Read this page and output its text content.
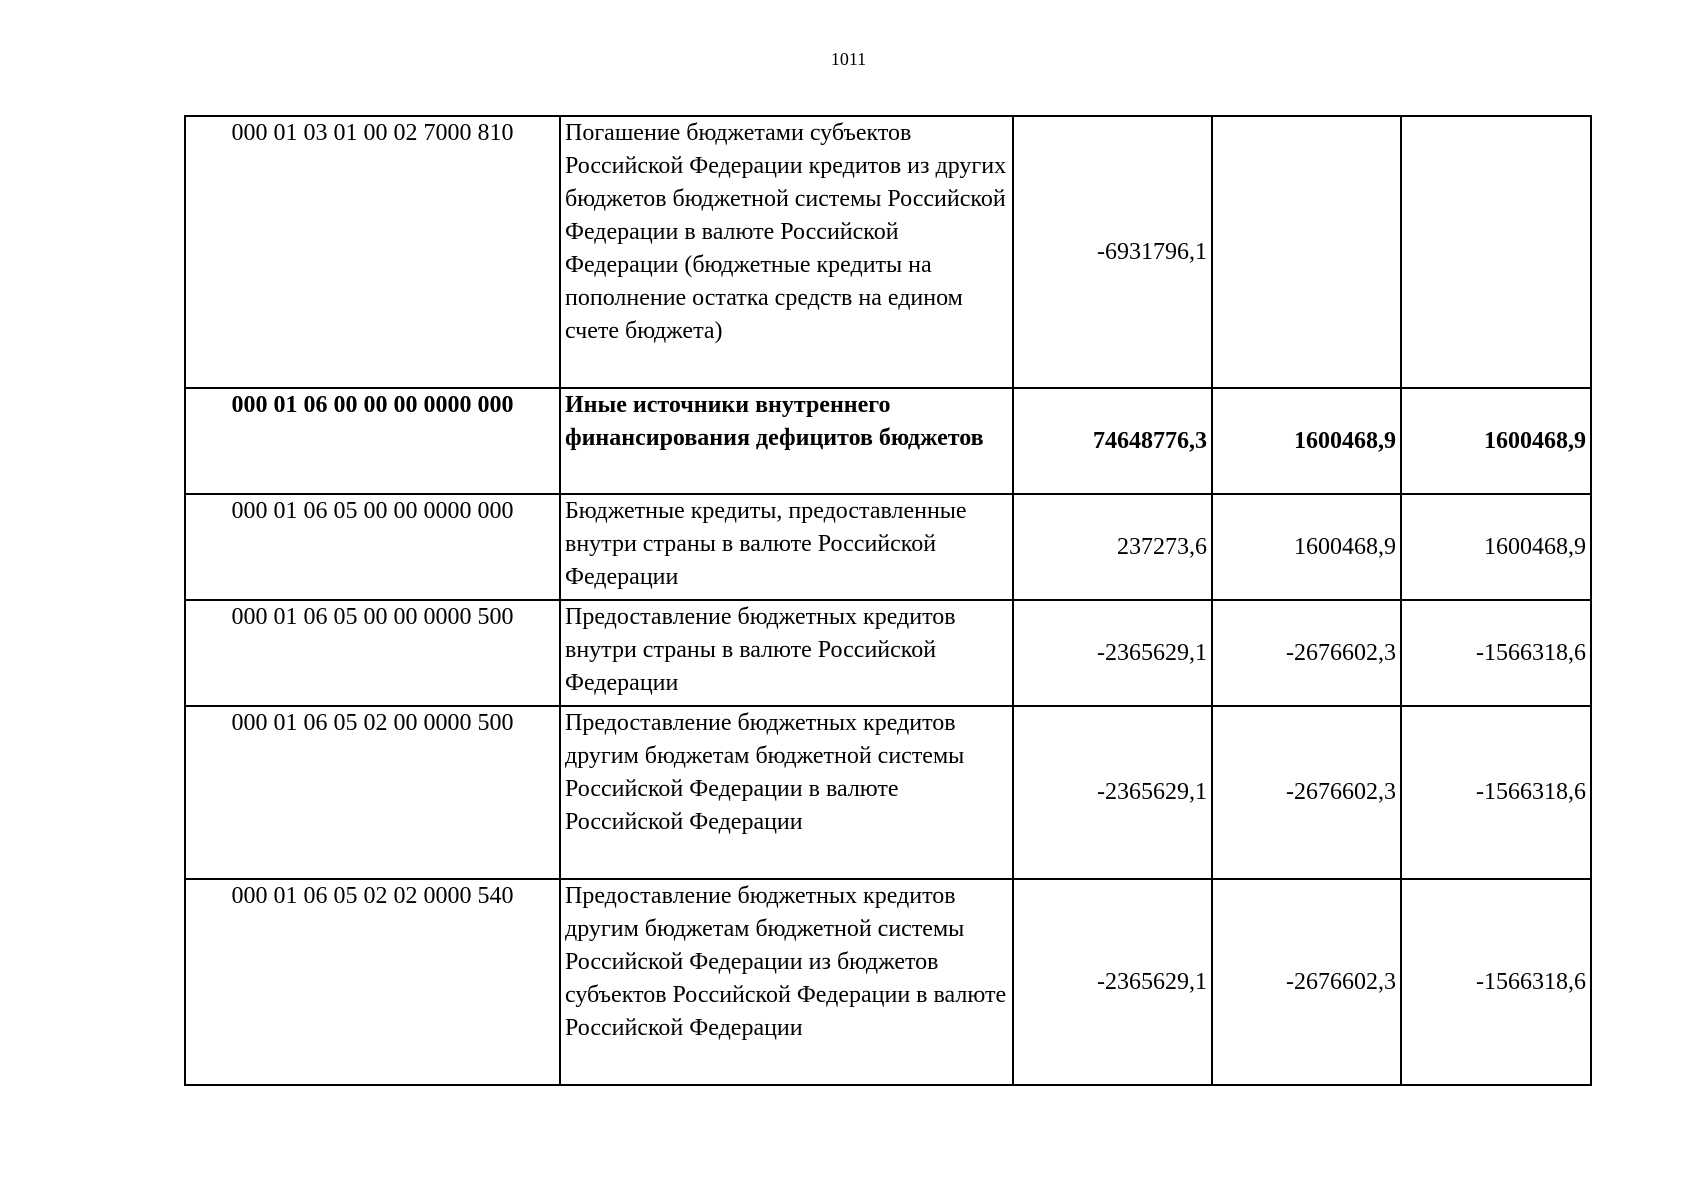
1011
000 01 03 01 00 02 7000 810	Погашение бюджетами субъектов Российской Федерации кредитов из других бюджетов бюджетной системы Российской Федерации в валюте Российской Федерации (бюджетные кредиты на пополнение остатка средств на едином счете бюджета)	-6931796,1		
000 01 06 00 00 00 0000 000	Иные источники внутреннего финансирования дефицитов бюджетов	74648776,3	1600468,9	1600468,9
000 01 06 05 00 00 0000 000	Бюджетные кредиты, предоставленные внутри страны в валюте Российской Федерации	237273,6	1600468,9	1600468,9
000 01 06 05 00 00 0000 500	Предоставление бюджетных кредитов внутри страны в валюте Российской Федерации	-2365629,1	-2676602,3	-1566318,6
000 01 06 05 02 00 0000 500	Предоставление бюджетных кредитов другим бюджетам бюджетной системы Российской Федерации в валюте Российской Федерации	-2365629,1	-2676602,3	-1566318,6
000 01 06 05 02 02 0000 540	Предоставление бюджетных кредитов другим бюджетам бюджетной системы Российской Федерации из бюджетов субъектов Российской Федерации в валюте Российской Федерации	-2365629,1	-2676602,3	-1566318,6
